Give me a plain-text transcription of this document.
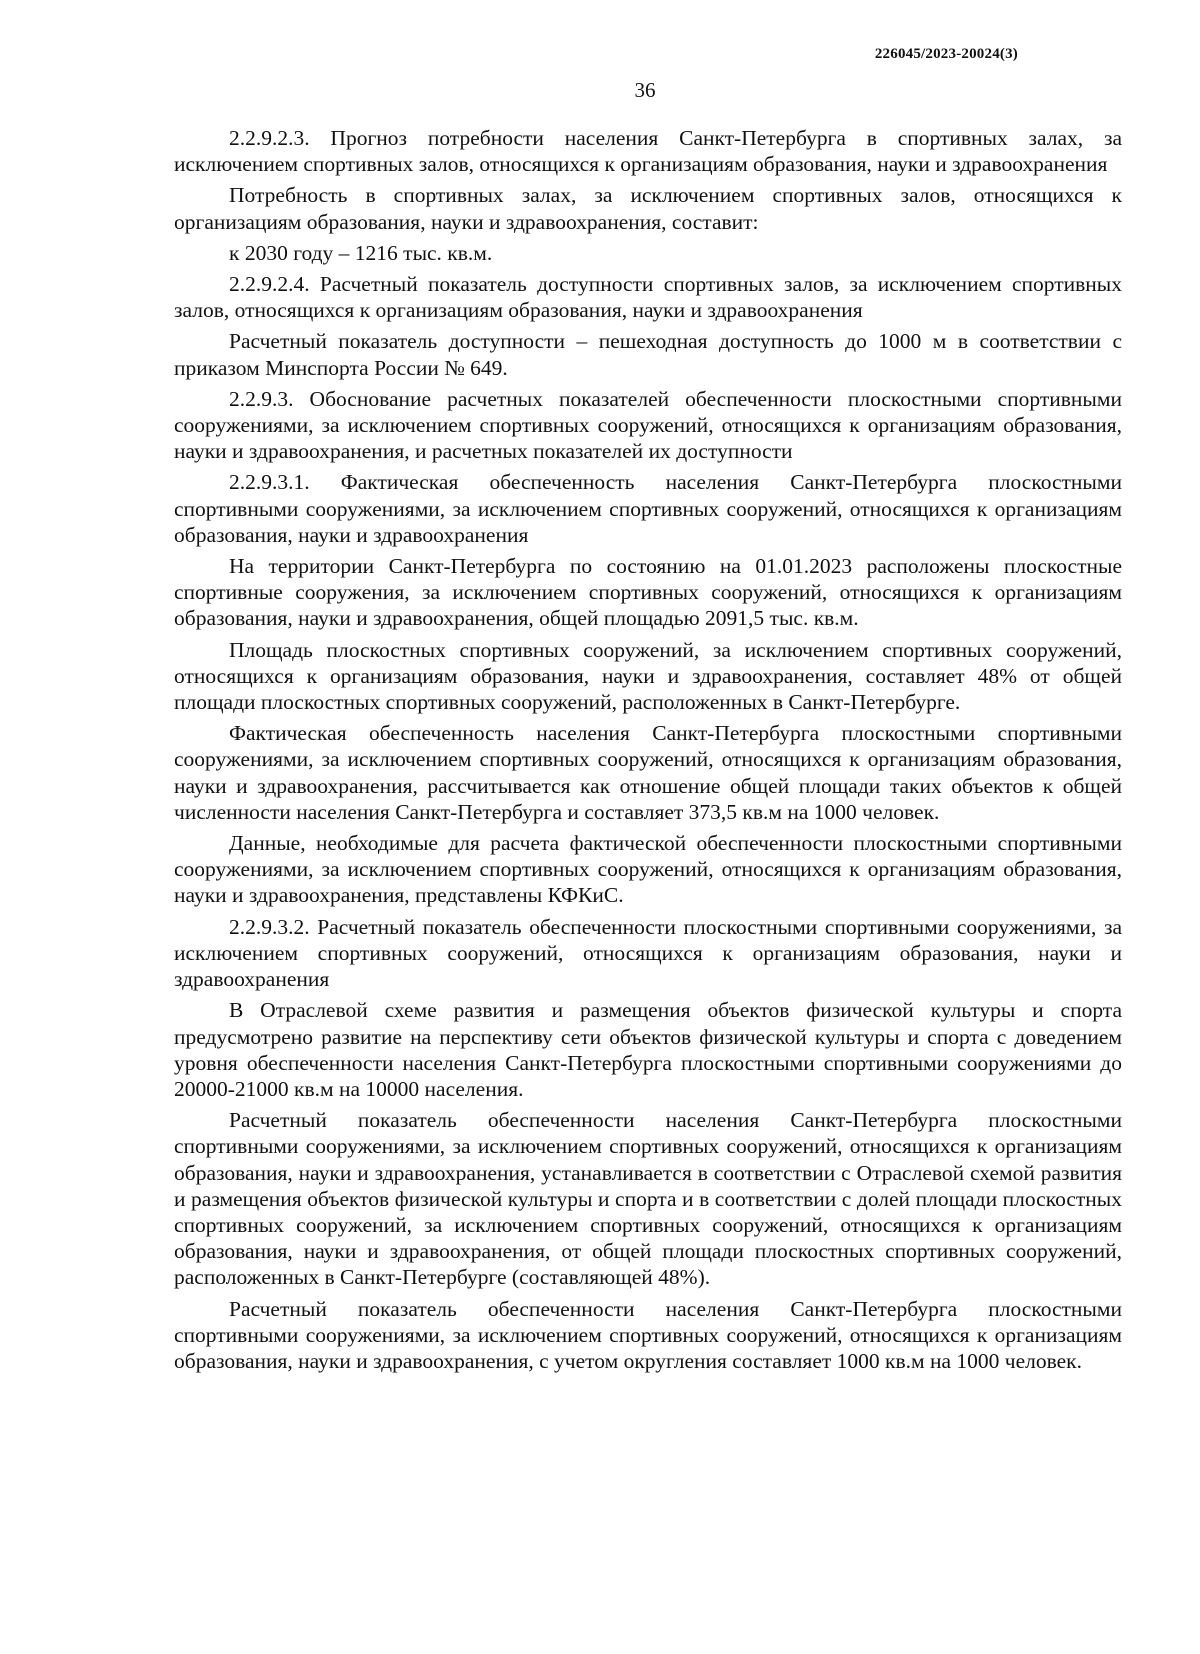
226045/2023-20024(3)
36

2.2.9.2.3. Прогноз потребности населения Санкт-Петербурга в спортивных залах, за исключением спортивных залов, относящихся к организациям образования, науки и здравоохранения

Потребность в спортивных залах, за исключением спортивных залов, относящихся к организациям образования, науки и здравоохранения, составит:

к 2030 году – 1216 тыс. кв.м.

2.2.9.2.4. Расчетный показатель доступности спортивных залов, за исключением спортивных залов, относящихся к организациям образования, науки и здравоохранения

Расчетный показатель доступности – пешеходная доступность до 1000 м в соответствии с приказом Минспорта России № 649.

2.2.9.3. Обоснование расчетных показателей обеспеченности плоскостными спортивными сооружениями, за исключением спортивных сооружений, относящихся к организациям образования, науки и здравоохранения, и расчетных показателей их доступности

2.2.9.3.1. Фактическая обеспеченность населения Санкт-Петербурга плоскостными спортивными сооружениями, за исключением спортивных сооружений, относящихся к организациям образования, науки и здравоохранения

На территории Санкт-Петербурга по состоянию на 01.01.2023 расположены плоскостные спортивные сооружения, за исключением спортивных сооружений, относящихся к организациям образования, науки и здравоохранения, общей площадью 2091,5 тыс. кв.м.

Площадь плоскостных спортивных сооружений, за исключением спортивных сооружений, относящихся к организациям образования, науки и здравоохранения, составляет 48% от общей площади плоскостных спортивных сооружений, расположенных в Санкт-Петербурге.

Фактическая обеспеченность населения Санкт-Петербурга плоскостными спортивными сооружениями, за исключением спортивных сооружений, относящихся к организациям образования, науки и здравоохранения, рассчитывается как отношение общей площади таких объектов к общей численности населения Санкт-Петербурга и составляет 373,5 кв.м на 1000 человек.

Данные, необходимые для расчета фактической обеспеченности плоскостными спортивными сооружениями, за исключением спортивных сооружений, относящихся к организациям образования, науки и здравоохранения, представлены КФКиС.

2.2.9.3.2. Расчетный показатель обеспеченности плоскостными спортивными сооружениями, за исключением спортивных сооружений, относящихся к организациям образования, науки и здравоохранения

В Отраслевой схеме развития и размещения объектов физической культуры и спорта предусмотрено развитие на перспективу сети объектов физической культуры и спорта с доведением уровня обеспеченности населения Санкт-Петербурга плоскостными спортивными сооружениями до 20000-21000 кв.м на 10000 населения.

Расчетный показатель обеспеченности населения Санкт-Петербурга плоскостными спортивными сооружениями, за исключением спортивных сооружений, относящихся к организациям образования, науки и здравоохранения, устанавливается в соответствии с Отраслевой схемой развития и размещения объектов физической культуры и спорта и в соответствии с долей площади плоскостных спортивных сооружений, за исключением спортивных сооружений, относящихся к организациям образования, науки и здравоохранения, от общей площади плоскостных спортивных сооружений, расположенных в Санкт-Петербурге (составляющей 48%).

Расчетный показатель обеспеченности населения Санкт-Петербурга плоскостными спортивными сооружениями, за исключением спортивных сооружений, относящихся к организациям образования, науки и здравоохранения, с учетом округления составляет 1000 кв.м на 1000 человек.
